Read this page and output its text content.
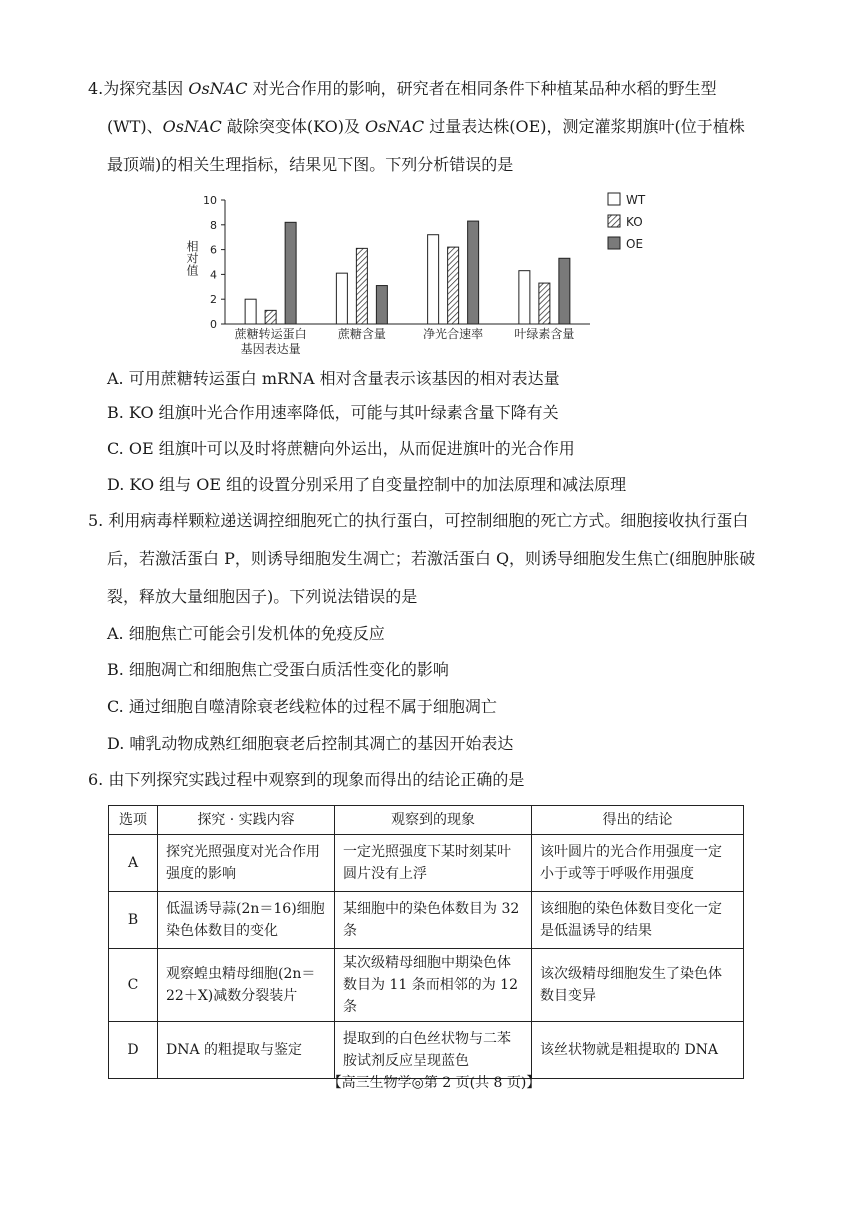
4.为探究基因 OsNAC 对光合作用的影响，研究者在相同条件下种植某品种水稻的野生型
(WT)、OsNAC 敲除突变体(KO)及 OsNAC 过量表达株(OE)，测定灌浆期旗叶(位于植株
最顶端)的相关生理指标，结果见下图。下列分析错误的是
0
2
4
6
8
10
相对值
蔗糖转运蛋白
基因表达量
蔗糖含量	净光合速率	叶绿素含量
WT
KO
OE
A. 可用蔗糖转运蛋白 mRNA 相对含量表示该基因的相对表达量
B. KO 组旗叶光合作用速率降低，可能与其叶绿素含量下降有关
C. OE 组旗叶可以及时将蔗糖向外运出，从而促进旗叶的光合作用
D. KO 组与 OE 组的设置分别采用了自变量控制中的加法原理和减法原理
5. 利用病毒样颗粒递送调控细胞死亡的执行蛋白，可控制细胞的死亡方式。细胞接收执行蛋白
后，若激活蛋白 P，则诱导细胞发生凋亡；若激活蛋白 Q，则诱导细胞发生焦亡(细胞肿胀破
裂，释放大量细胞因子)。下列说法错误的是
A. 细胞焦亡可能会引发机体的免疫反应
B. 细胞凋亡和细胞焦亡受蛋白质活性变化的影响
C. 通过细胞自噬清除衰老线粒体的过程不属于细胞凋亡
D. 哺乳动物成熟红细胞衰老后控制其凋亡的基因开始表达
6. 由下列探究实践过程中观察到的现象而得出的结论正确的是
选项	探究 · 实践内容	观察到的现象	得出的结论
A	探究光照强度对光合作用强度的影响	一定光照强度下某时刻某叶圆片没有上浮	该叶圆片的光合作用强度一定小于或等于呼吸作用强度
B	低温诱导蒜(2n＝16)细胞染色体数目的变化	某细胞中的染色体数目为 32 条	该细胞的染色体数目变化一定是低温诱导的结果
C	观察蝗虫精母细胞(2n＝22＋X)减数分裂装片	某次级精母细胞中期染色体数目为 11 条而相邻的为 12 条	该次级精母细胞发生了染色体数目变异
D	DNA 的粗提取与鉴定	提取到的白色丝状物与二苯胺试剂反应呈现蓝色	该丝状物就是粗提取的 DNA
【高三生物学◎第 2 页(共 8 页)】
